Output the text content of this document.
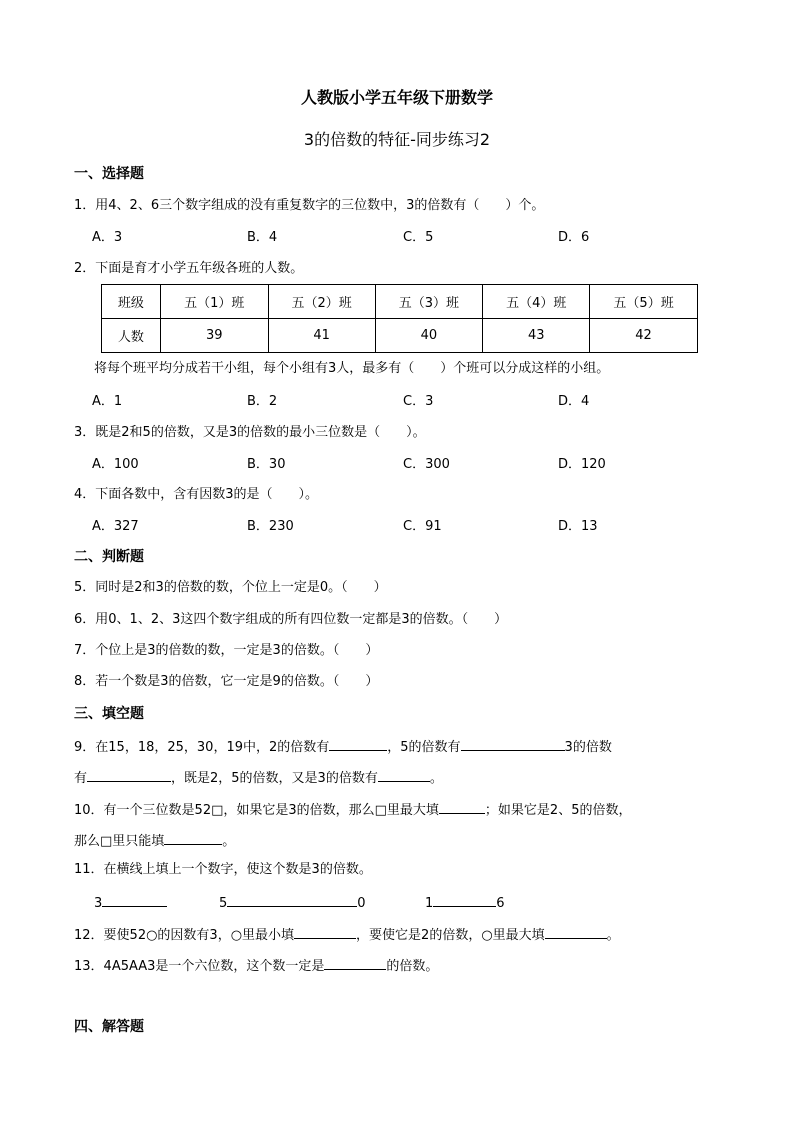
人教版小学五年级下册数学
3的倍数的特征-同步练习2
一、选择题
1．用4、2、6三个数字组成的没有重复数字的三位数中，3的倍数有（　　）个。
A．3	B．4	C．5	D．6
2．下面是育才小学五年级各班的人数。
班级	五（1）班	五（2）班	五（3）班	五（4）班	五（5）班
人数	39	41	40	43	42
将每个班平均分成若干小组，每个小组有3人，最多有（　　）个班可以分成这样的小组。
A．1	B．2	C．3	D．4
3．既是2和5的倍数，又是3的倍数的最小三位数是（　　）。
A．100	B．30	C．300	D．120
4．下面各数中，含有因数3的是（　　）。
A．327	B．230	C．91	D．13
二、判断题
5．同时是2和3的倍数的数，个位上一定是0。（　　）
6．用0、1、2、3这四个数字组成的所有四位数一定都是3的倍数。（　　）
7．个位上是3的倍数的数，一定是3的倍数。（　　）
8．若一个数是3的倍数，它一定是9的倍数。（　　）
三、填空题
9．在15，18，25，30，19中，2的倍数有	，5的倍数有	3的倍数
有	，既是2，5的倍数，又是3的倍数有	。
10．有一个三位数是52□，如果它是3的倍数，那么□里最大填	；如果它是2、5的倍数，
那么□里只能填	。
11．在横线上填上一个数字，使这个数是3的倍数。
3	5	0	1	6
12．要使52○的因数有3，○里最小填	，要使它是2的倍数，○里最大填	。
13．4A5AA3是一个六位数，这个数一定是	的倍数。
四、解答题
